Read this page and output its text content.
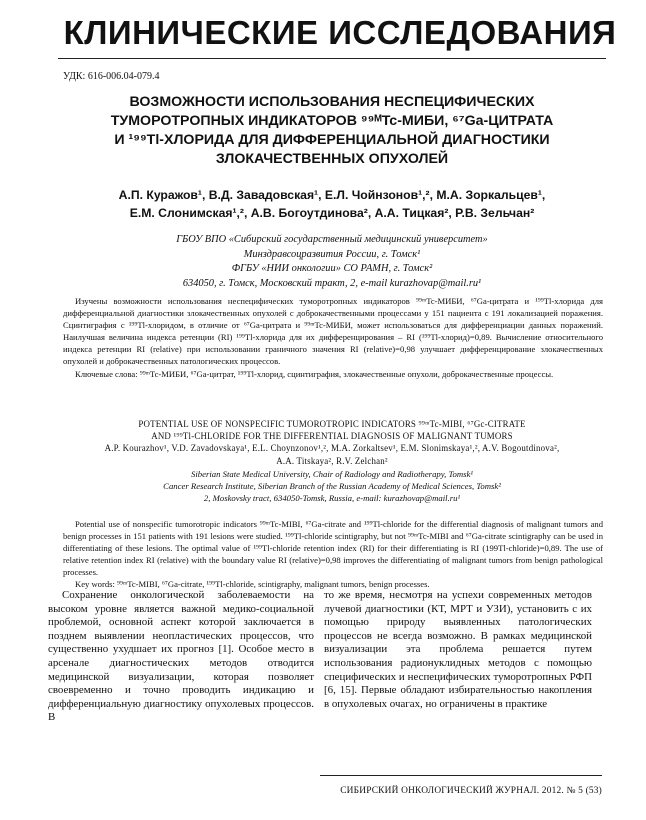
КЛИНИЧЕСКИЕ ИССЛЕДОВАНИЯ
УДК: 616-006.04-079.4
ВОЗМОЖНОСТИ ИСПОЛЬЗОВАНИЯ НЕСПЕЦИФИЧЕСКИХ
ТУМОРОТРОПНЫХ ИНДИКАТОРОВ ⁹⁹ᴹTc-МИБИ, ⁶⁷Ga-ЦИТРАТА
И ¹⁹⁹Tl-ХЛОРИДА ДЛЯ ДИФФЕРЕНЦИАЛЬНОЙ ДИАГНОСТИКИ
ЗЛОКАЧЕСТВЕННЫХ ОПУХОЛЕЙ
А.П. Куражов¹, В.Д. Завадовская¹, Е.Л. Чойнзонов¹,², М.А. Зоркальцев¹,
Е.М. Слонимская¹,², А.В. Богоутдинова², А.А. Тицкая², Р.В. Зельчан²
ГБОУ ВПО «Сибирский государственный медицинский университет»
Минздравсоцразвития России, г. Томск¹
ФГБУ «НИИ онкологии» СО РАМН, г. Томск²
634050, г. Томск, Московский тракт, 2, e-mail kurazhovap@mail.ru¹

Изучены возможности использования неспецифических туморотропных индикаторов ⁹⁹ᵐTc-МИБИ, ⁶⁷Ga-цитрата и ¹⁹⁹Tl-хлорида для дифференциальной диагностики злокачественных опухолей с доброкачественными процессами у 151 пациента с 191 локализацией поражения. Сцинтиграфия с ¹⁹⁹Tl-хлоридом, в отличие от ⁶⁷Ga-цитрата и ⁹⁹ᵐTc-МИБИ, может использоваться для дифференциации данных поражений. Наилучшая величина индекса ретенции (RI) ¹⁹⁹Tl-хлорида для их дифференцирования – RI (¹⁹⁹Tl-хлорид)=0,89. Вычисление относительного индекса ретенции RI (relative) при использовании граничного значения RI (relative)=0,98 улучшает дифференцирование злокачественных опухолей и доброкачественных патологических процессов.

Ключевые слова: ⁹⁹ᵐTc-МИБИ, ⁶⁷Ga-цитрат, ¹⁹⁹Tl-хлорид, сцинтиграфия, злокачественные опухоли, доброкачественные процессы.

POTENTIAL USE OF NONSPECIFIC TUMOROTROPIC INDICATORS ⁹⁹ᵐTc-MIBI, ⁶⁷Gc-CITRATE
AND ¹⁹⁹Tl-CHLORIDE FOR THE DIFFERENTIAL DIAGNOSIS OF MALIGNANT TUMORS
A.P. Kourazhov¹, V.D. Zavadovskaya¹, E.L. Choynzonov¹,², M.A. Zorkaltsev¹, E.M. Slonimskaya¹,², A.V. Bogoutdinova²,
A.A. Titskaya², R.V. Zelchan²
Siberian State Medical University, Chair of Radiology and Radiotherapy, Tomsk¹
Cancer Research Institute, Siberian Branch of the Russian Academy of Medical Sciences, Tomsk²
2, Moskovsky tract, 634050-Tomsk, Russia, e-mail: kurazhovap@mail.ru¹

Potential use of nonspecific tumorotropic indicators ⁹⁹ᵐTc-MIBI, ⁶⁷Ga-citrate and ¹⁹⁹Tl-chloride for the differential diagnosis of malignant tumors and benign processes in 151 patients with 191 lesions were studied. ¹⁹⁹Tl-chloride scintigraphy, but not ⁹⁹ᵐTc-MIBI and ⁶⁷Ga-citrate scintigraphy can be used in differentiating of these lesions. The optimal value of ¹⁹⁹Tl-chloride retention index (RI) for their differentiating is RI (199Tl-chloride)=0,89. The use of relative retention index RI (relative) with the boundary value RI (relative)=0,98 improves the differentiating of malignant tumors from benign pathological processes.

Key words: ⁹⁹ᵐTc-MIBI, ⁶⁷Ga-citrate, ¹⁹⁹Tl-chloride, scintigraphy, malignant tumors, benign processes.

Сохранение онкологической заболеваемости на высоком уровне является важной медико-социальной проблемой, основной аспект которой заключается в позднем выявлении неопластических процессов, что существенно ухудшает их прогноз [1]. Особое место в арсенале диагностических методов отводится медицинской визуализации, которая позволяет своевременно и точно проводить индикацию и дифференциальную диагностику опухолевых процессов. В

то же время, несмотря на успехи современных методов лучевой диагностики (КТ, МРТ и УЗИ), установить с их помощью природу выявленных патологических процессов не всегда возможно. В рамках медицинской визуализации эта проблема решается путем использования радионуклидных методов с помощью специфических и неспецифических туморотропных РФП [6, 15]. Первые обладают избирательностью накопления в опухолевых очагах, но ограничены в практике

СИБИРСКИЙ ОНКОЛОГИЧЕСКИЙ ЖУРНАЛ. 2012. № 5 (53)
